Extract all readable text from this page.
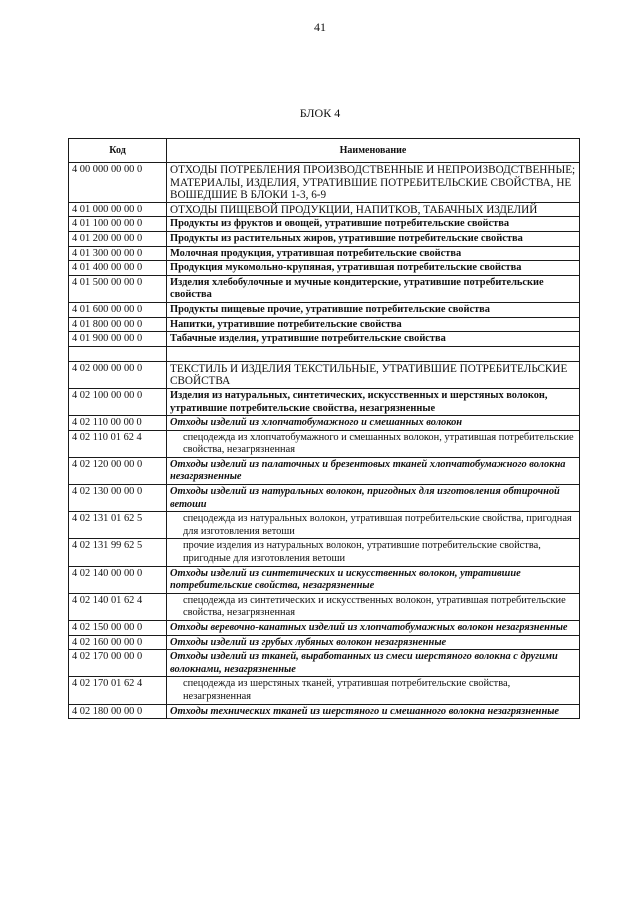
41
БЛОК 4
Код	Наименование
4 00 000 00 00 0	ОТХОДЫ ПОТРЕБЛЕНИЯ ПРОИЗВОДСТВЕННЫЕ И НЕПРОИЗВОДСТВЕННЫЕ; МАТЕРИАЛЫ, ИЗДЕЛИЯ, УТРАТИВШИЕ ПОТРЕБИТЕЛЬСКИЕ СВОЙСТВА, НЕ ВОШЕДШИЕ В БЛОКИ 1-3, 6-9
4 01 000 00 00 0	ОТХОДЫ ПИЩЕВОЙ ПРОДУКЦИИ, НАПИТКОВ, ТАБАЧНЫХ ИЗДЕЛИЙ
4 01 100 00 00 0	Продукты из фруктов и овощей, утратившие потребительские свойства
4 01 200 00 00 0	Продукты из растительных жиров, утратившие потребительские свойства
4 01 300 00 00 0	Молочная продукция, утратившая потребительские свойства
4 01 400 00 00 0	Продукция мукомольно-крупяная, утратившая потребительские свойства
4 01 500 00 00 0	Изделия хлебобулочные и мучные кондитерские, утратившие потребительские свойства
4 01 600 00 00 0	Продукты пищевые прочие, утратившие потребительские свойства
4 01 800 00 00 0	Напитки, утратившие потребительские свойства
4 01 900 00 00 0	Табачные изделия, утратившие потребительские свойства

4 02 000 00 00 0	ТЕКСТИЛЬ И ИЗДЕЛИЯ ТЕКСТИЛЬНЫЕ, УТРАТИВШИЕ ПОТРЕБИТЕЛЬСКИЕ СВОЙСТВА
4 02 100 00 00 0	Изделия из натуральных, синтетических, искусственных и шерстяных волокон, утратившие потребительские свойства, незагрязненные
4 02 110 00 00 0	Отходы изделий из хлопчатобумажного и смешанных волокон
4 02 110 01 62 4	спецодежда из хлопчатобумажного и смешанных волокон, утратившая потребительские свойства, незагрязненная
4 02 120 00 00 0	Отходы изделий из палаточных и брезентовых тканей хлопчатобумажного волокна незагрязненные
4 02 130 00 00 0	Отходы изделий из натуральных волокон, пригодных для изготовления обтирочной ветоши
4 02 131 01 62 5	спецодежда из натуральных волокон, утратившая потребительские свойства, пригодная для изготовления ветоши
4 02 131 99 62 5	прочие изделия из натуральных волокон, утратившие потребительские свойства, пригодные для изготовления ветоши
4 02 140 00 00 0	Отходы изделий из синтетических и искусственных волокон, утратившие потребительские свойства, незагрязненные
4 02 140 01 62 4	спецодежда из синтетических и искусственных волокон, утратившая потребительские свойства, незагрязненная
4 02 150 00 00 0	Отходы веревочно-канатных изделий из хлопчатобумажных волокон незагрязненные
4 02 160 00 00 0	Отходы изделий из грубых лубяных волокон незагрязненные
4 02 170 00 00 0	Отходы изделий из тканей, выработанных из смеси шерстяного волокна с другими волокнами, незагрязненные
4 02 170 01 62 4	спецодежда из шерстяных тканей, утратившая потребительские свойства, незагрязненная
4 02 180 00 00 0	Отходы технических тканей из шерстяного и смешанного волокна незагрязненные
